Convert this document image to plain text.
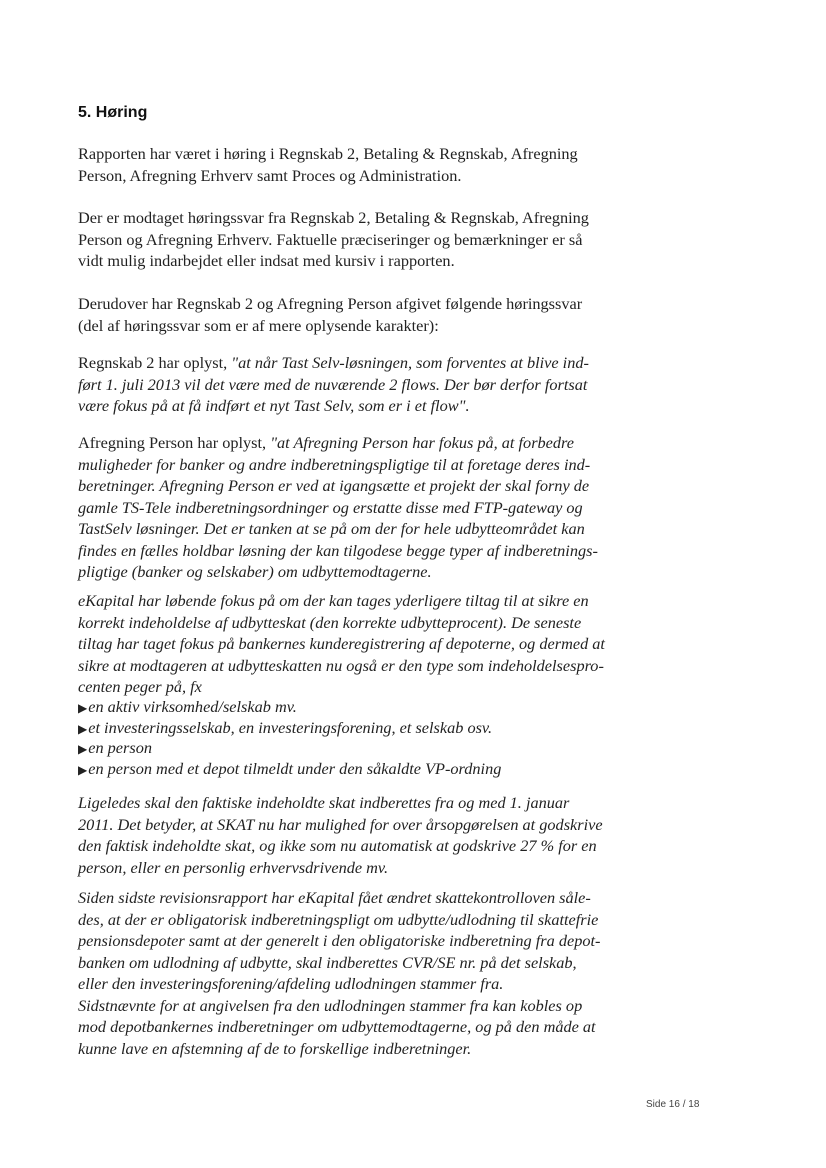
5. Høring

Rapporten har været i høring i Regnskab 2, Betaling & Regnskab, Afregning
Person, Afregning Erhverv samt Proces og Administration.

Der er modtaget høringssvar fra Regnskab 2, Betaling & Regnskab, Afregning
Person og Afregning Erhverv. Faktuelle præciseringer og bemærkninger er så
vidt mulig indarbejdet eller indsat med kursiv i rapporten.

Derudover har Regnskab 2 og Afregning Person afgivet følgende høringssvar
(del af høringssvar som er af mere oplysende karakter):

Regnskab 2 har oplyst, "at når Tast Selv-løsningen, som forventes at blive ind-
ført 1. juli 2013 vil det være med de nuværende 2 flows. Der bør derfor fortsat
være fokus på at få indført et nyt Tast Selv, som er i et flow".

Afregning Person har oplyst, "at Afregning Person har fokus på, at forbedre
muligheder for banker og andre indberetningspligtige til at foretage deres ind-
beretninger. Afregning Person er ved at igangsætte et projekt der skal forny de
gamle TS-Tele indberetningsordninger og erstatte disse med FTP-gateway og
TastSelv løsninger. Det er tanken at se på om der for hele udbytteområdet kan
findes en fælles holdbar løsning der kan tilgodese begge typer af indberetnings-
pligtige (banker og selskaber) om udbyttemodtagerne.

eKapital har løbende fokus på om der kan tages yderligere tiltag til at sikre en
korrekt indeholdelse af udbytteskat (den korrekte udbytteprocent). De seneste
tiltag har taget fokus på bankernes kunderegistrering af depoterne, og dermed at
sikre at modtageren at udbytteskatten nu også er den type som indeholdelsespro-
centen peger på, fx

▶en aktiv virksomhed/selskab mv.
▶et investeringsselskab, en investeringsforening, et selskab osv.
▶en person
▶en person med et depot tilmeldt under den såkaldte VP-ordning

Ligeledes skal den faktiske indeholdte skat indberettes fra og med 1. januar
2011. Det betyder, at SKAT nu har mulighed for over årsopgørelsen at godskrive
den faktisk indeholdte skat, og ikke som nu automatisk at godskrive 27 % for en
person, eller en personlig erhvervsdrivende mv.

Siden sidste revisionsrapport har eKapital fået ændret skattekontrolloven såle-
des, at der er obligatorisk indberetningspligt om udbytte/udlodning til skattefrie
pensionsdepoter samt at der generelt i den obligatoriske indberetning fra depot-
banken om udlodning af udbytte, skal indberettes CVR/SE nr. på det selskab,
eller den investeringsforening/afdeling udlodningen stammer fra.
Sidstnævnte for at angivelsen fra den udlodningen stammer fra kan kobles op
mod depotbankernes indberetninger om udbyttemodtagerne, og på den måde at
kunne lave en afstemning af de to forskellige indberetninger.

Side 16 / 18
